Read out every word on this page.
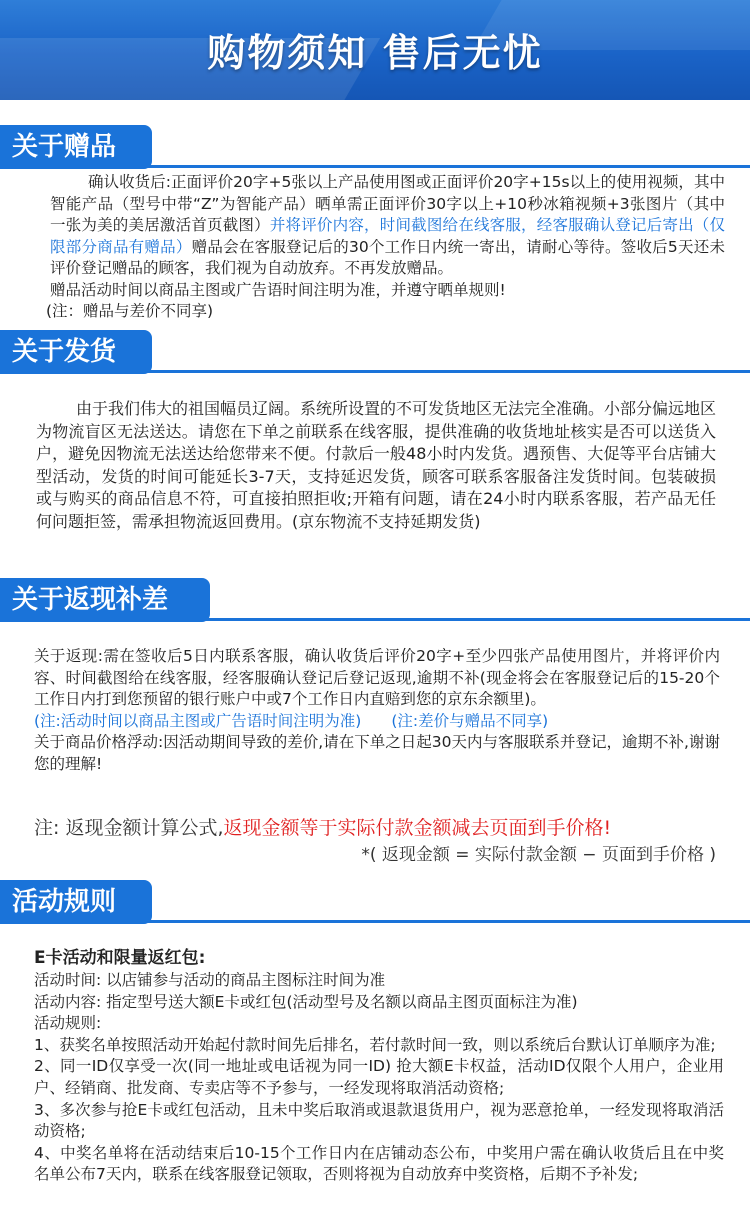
购物须知 售后无忧
关于赠品

确认收货后:正面评价20字+5张以上产品使用图或正面评价20字+15s以上的使用视频，其中智能产品（型号中带“Z”为智能产品）晒单需正面评价30字以上+10秒冰箱视频+3张图片（其中一张为美的美居激活首页截图）并将评价内容，时间截图给在线客服，经客服确认登记后寄出（仅限部分商品有赠品）赠品会在客服登记后的30个工作日内统一寄出，请耐心等待。签收后5天还未评价登记赠品的顾客，我们视为自动放弃。不再发放赠品。

赠品活动时间以商品主图或广告语时间注明为准，并遵守晒单规则!

(注：赠品与差价不同享)

关于发货

由于我们伟大的祖国幅员辽阔。系统所设置的不可发货地区无法完全准确。小部分偏远地区为物流盲区无法送达。请您在下单之前联系在线客服，提供准确的收货地址核实是否可以送货入户，避免因物流无法送达给您带来不便。付款后一般48小时内发货。遇预售、大促等平台店铺大型活动，发货的时间可能延长3-7天，支持延迟发货，顾客可联系客服备注发货时间。包装破损或与购买的商品信息不符，可直接拍照拒收;开箱有问题，请在24小时内联系客服，若产品无任何问题拒签，需承担物流返回费用。(京东物流不支持延期发货)

关于返现补差

关于返现:需在签收后5日内联系客服，确认收货后评价20字+至少四张产品使用图片，并将评价内容、时间截图给在线客服，经客服确认登记后登记返现,逾期不补(现金将会在客服登记后的15-20个工作日内打到您预留的银行账户中或7个工作日内直赔到您的京东余额里)。

(注:活动时间以商品主图或广告语时间注明为准) (注:差价与赠品不同享)

关于商品价格浮动:因活动期间导致的差价,请在下单之日起30天内与客服联系并登记，逾期不补,谢谢您的理解!

注: 返现金额计算公式,返现金额等于实际付款金额减去页面到手价格!
*( 返现金额 = 实际付款金额 − 页面到手价格 )
活动规则

E卡活动和限量返红包:

活动时间: 以店铺参与活动的商品主图标注时间为准

活动内容: 指定型号送大额E卡或红包(活动型号及名额以商品主图页面标注为准)

活动规则:

1、获奖名单按照活动开始起付款时间先后排名，若付款时间一致，则以系统后台默认订单顺序为准;

2、同一ID仅享受一次(同一地址或电话视为同一ID) 抢大额E卡权益，活动ID仅限个人用户，企业用户、经销商、批发商、专卖店等不予参与，一经发现将取消活动资格;

3、多次参与抢E卡或红包活动，且未中奖后取消或退款退货用户，视为恶意抢单，一经发现将取消活动资格;

4、中奖名单将在活动结束后10-15个工作日内在店铺动态公布，中奖用户需在确认收货后且在中奖名单公布7天内，联系在线客服登记领取，否则将视为自动放弃中奖资格，后期不予补发;
